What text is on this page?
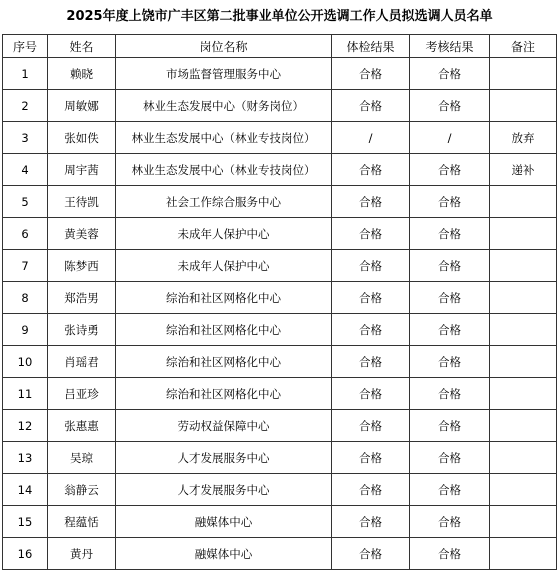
2025年度上饶市广丰区第二批事业单位公开选调工作人员拟选调人员名单
序号	姓名	岗位名称	体检结果	考核结果	备注
1	赖晓	市场监督管理服务中心	合格	合格	
2	周敏娜	林业生态发展中心（财务岗位）	合格	合格	
3	张如佚	林业生态发展中心（林业专技岗位）	/	/	放弃
4	周宇茜	林业生态发展中心（林业专技岗位）	合格	合格	递补
5	王待凯	社会工作综合服务中心	合格	合格	
6	黄美蓉	未成年人保护中心	合格	合格	
7	陈梦西	未成年人保护中心	合格	合格	
8	郑浩男	综治和社区网格化中心	合格	合格	
9	张诗勇	综治和社区网格化中心	合格	合格	
10	肖瑶君	综治和社区网格化中心	合格	合格	
11	吕亚珍	综治和社区网格化中心	合格	合格	
12	张惠惠	劳动权益保障中心	合格	合格	
13	吴琼	人才发展服务中心	合格	合格	
14	翁静云	人才发展服务中心	合格	合格	
15	程蕴恬	融媒体中心	合格	合格	
16	黄丹	融媒体中心	合格	合格	
